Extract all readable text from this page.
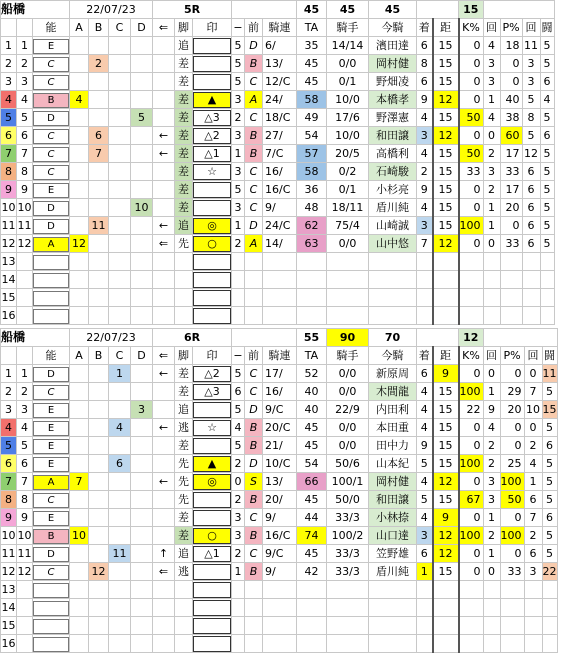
船橋			22/07/23				5R						45	45	45			15				
		能	A	B	C	D	⇐	脚	印	−	前	騎連	TA	騎手	今騎	着	距	K%	回	P%	回	闘
1	1	E						追		5	D	6/	35	14/14	濱田達	6	15	0	4	18	11	5
2	2	C		2				差		5	B	13/	45	0/0	岡村健	8	15	0	3	0	3	5
3	3	C						差		5	C	12/C	45	0/1	野畑凌	6	15	0	3	0	3	6
4	4	B	4					差	▲	3	A	24/	58	10/0	本橋孝	9	12	0	1	40	5	4
5	5	D				5		差	△3	2	C	18/C	49	17/6	野澤憲	4	15	50	4	38	8	5
6	6	C		6			←	差	△2	3	B	27/	54	10/0	和田譲	3	12	0	0	60	5	6
7	7	C		7			←	差	△1	1	B	7/C	57	20/5	高橋利	4	15	50	2	17	12	5
8	8	C						差	☆	3	C	16/	58	0/2	石崎駿	2	15	33	3	33	6	5
9	9	E						差		5	C	16/C	36	0/1	小杉亮	9	15	0	2	17	6	5
10	10	D				10		差		3	C	9/	48	18/11	盾川純	4	15	0	1	20	6	5
11	11	D		11			←	追	◎	1	D	24/C	62	75/4	山崎誠	3	15	100	1	0	6	5
12	12	A	12				⇐	先	○	2	A	14/	63	0/0	山中悠	7	12	0	0	33	6	5
13																						
14																						
15																						
16																						
船橋			22/07/23				6R						55	90	70			12				
		能	A	B	C	D	⇐	脚	印	−	前	騎連	TA	騎手	今騎	着	距	K%	回	P%	回	闘
1	1	D			1		←	差	△2	5	C	17/	52	0/0	新原周	6	9	0	0	0	0	11
2	2	C						差	△3	6	C	16/	40	0/0	木間龍	4	15	100	1	29	7	5
3	3	E				3		追		5	D	9/C	40	22/9	内田利	4	15	22	9	20	10	15
4	4	E			4		←	逃	☆	4	B	20/C	45	0/0	本田重	4	15	0	4	0	0	5
5	5	E						差		5	B	21/	45	0/0	田中力	9	15	0	2	0	2	6
6	6	E			6			先	▲	2	D	10/C	54	50/6	山本紀	5	15	100	2	25	4	5
7	7	A	7				←	先	◎	0	S	13/	66	100/1	岡村健	4	12	0	3	100	1	5
8	8	C						先		2	B	20/	45	50/0	和田譲	5	15	67	3	50	6	5
9	9	E						差		3	C	9/	44	33/3	小林捺	4	9	0	1	0	7	6
10	10	B	10					差	○	3	B	16/C	74	100/2	山口達	3	12	100	2	100	2	5
11	11	D			11		↑	追	△1	2	C	9/C	45	33/3	笠野雄	6	12	0	1	0	6	5
12	12	C		12			⇐	逃		1	B	9/	42	33/3	盾川純	1	15	0	0	33	3	22
13																						
14																						
15																						
16																						
